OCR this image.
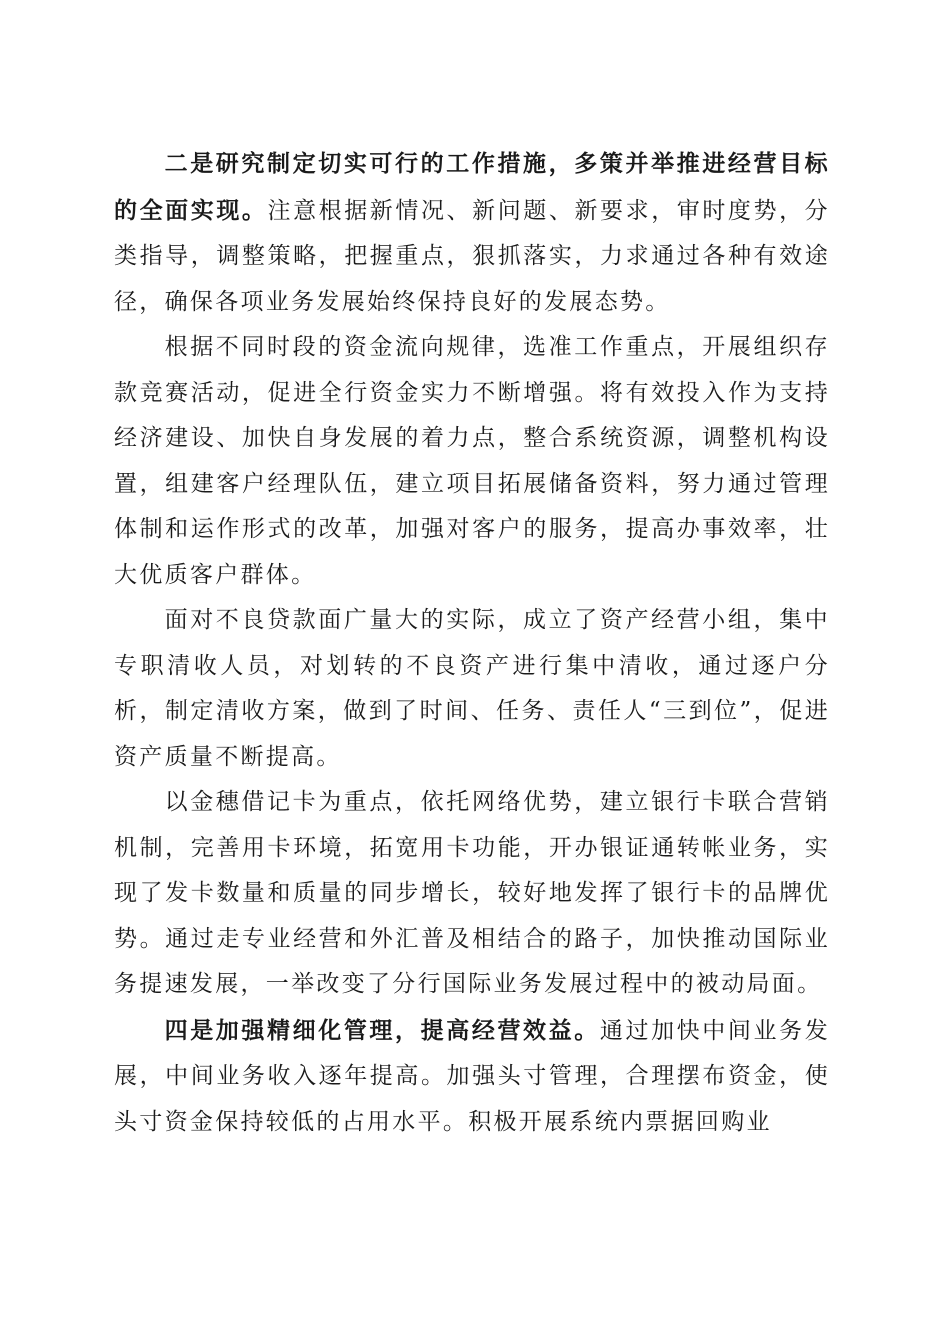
二是研究制定切实可行的工作措施，多策并举推进经营目标的全面实现。注意根据新情况、新问题、新要求，审时度势，分类指导，调整策略，把握重点，狠抓落实，力求通过各种有效途径，确保各项业务发展始终保持良好的发展态势。

根据不同时段的资金流向规律，选准工作重点，开展组织存款竞赛活动，促进全行资金实力不断增强。将有效投入作为支持经济建设、加快自身发展的着力点，整合系统资源，调整机构设置，组建客户经理队伍，建立项目拓展储备资料，努力通过管理体制和运作形式的改革，加强对客户的服务，提高办事效率，壮大优质客户群体。

面对不良贷款面广量大的实际，成立了资产经营小组，集中专职清收人员，对划转的不良资产进行集中清收，通过逐户分析，制定清收方案，做到了时间、任务、责任人“三到位”，促进资产质量不断提高。

以金穗借记卡为重点，依托网络优势，建立银行卡联合营销机制，完善用卡环境，拓宽用卡功能，开办银证通转帐业务，实现了发卡数量和质量的同步增长，较好地发挥了银行卡的品牌优势。通过走专业经营和外汇普及相结合的路子，加快推动国际业务提速发展，一举改变了分行国际业务发展过程中的被动局面。

四是加强精细化管理，提高经营效益。通过加快中间业务发展，中间业务收入逐年提高。加强头寸管理，合理摆布资金，使头寸资金保持较低的占用水平。积极开展系统内票据回购业
